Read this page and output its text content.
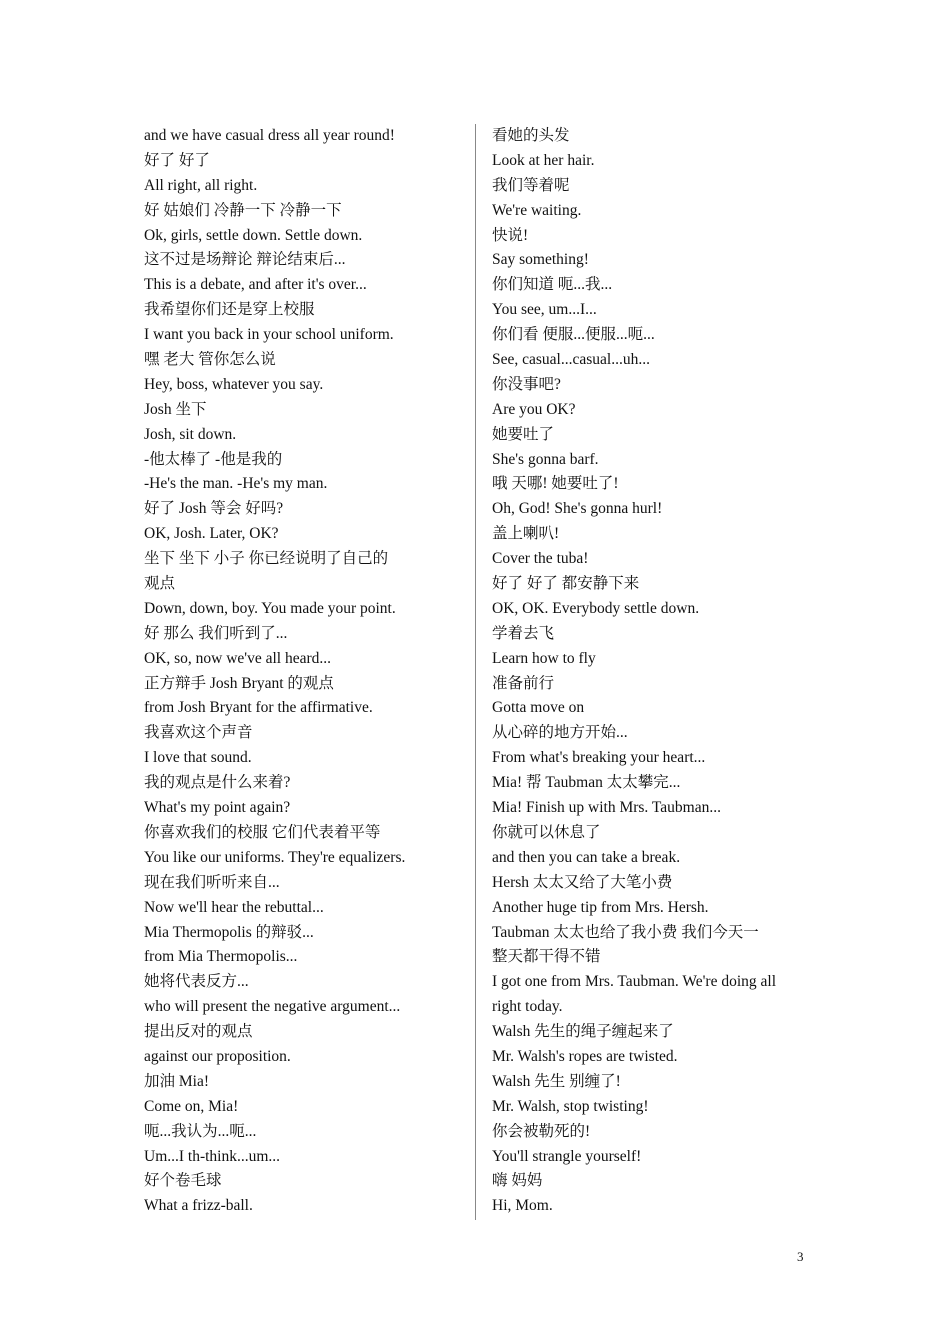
and we have casual dress all year round!
好了 好了
All right, all right.
好 姑娘们 冷静一下 冷静一下
Ok, girls, settle down. Settle down.
这不过是场辩论 辩论结束后...
This is a debate, and after it's over...
我希望你们还是穿上校服
I want you back in your school uniform.
嘿 老大 管你怎么说
Hey, boss, whatever you say.
Josh 坐下
Josh, sit down.
-他太棒了 -他是我的
-He's the man. -He's my man.
好了 Josh 等会 好吗?
OK, Josh. Later, OK?
坐下 坐下 小子 你已经说明了自己的
观点
Down, down, boy. You made your point.
好 那么 我们听到了...
OK, so, now we've all heard...
正方辩手 Josh Bryant 的观点
from Josh Bryant for the affirmative.
我喜欢这个声音
I love that sound.
我的观点是什么来着?
What's my point again?
你喜欢我们的校服 它们代表着平等
You like our uniforms. They're equalizers.
现在我们听听来自...
Now we'll hear the rebuttal...
Mia Thermopolis 的辩驳...
from Mia Thermopolis...
她将代表反方...
who will present the negative argument...
提出反对的观点
against our proposition.
加油 Mia!
Come on, Mia!
呃...我认为...呃...
Um...I th-think...um...
好个卷毛球
What a frizz-ball.
看她的头发
Look at her hair.
我们等着呢
We're waiting.
快说!
Say something!
你们知道 呃...我...
You see, um...I...
你们看 便服...便服...呃...
See, casual...casual...uh...
你没事吧?
Are you OK?
她要吐了
She's gonna barf.
哦 天哪! 她要吐了!
Oh, God! She's gonna hurl!
盖上喇叭!
Cover the tuba!
好了 好了 都安静下来
OK, OK. Everybody settle down.
学着去飞
Learn how to fly
准备前行
Gotta move on
从心碎的地方开始...
From what's breaking your heart...
Mia! 帮 Taubman 太太攀完...
Mia! Finish up with Mrs. Taubman...
你就可以休息了
and then you can take a break.
Hersh 太太又给了大笔小费
Another huge tip from Mrs. Hersh.
Taubman 太太也给了我小费 我们今天一
整天都干得不错
I got one from Mrs. Taubman. We're doing all
right today.
Walsh 先生的绳子缠起来了
Mr. Walsh's ropes are twisted.
Walsh 先生 别缠了!
Mr. Walsh, stop twisting!
你会被勒死的!
You'll strangle yourself!
嗨 妈妈
Hi, Mom.
3
